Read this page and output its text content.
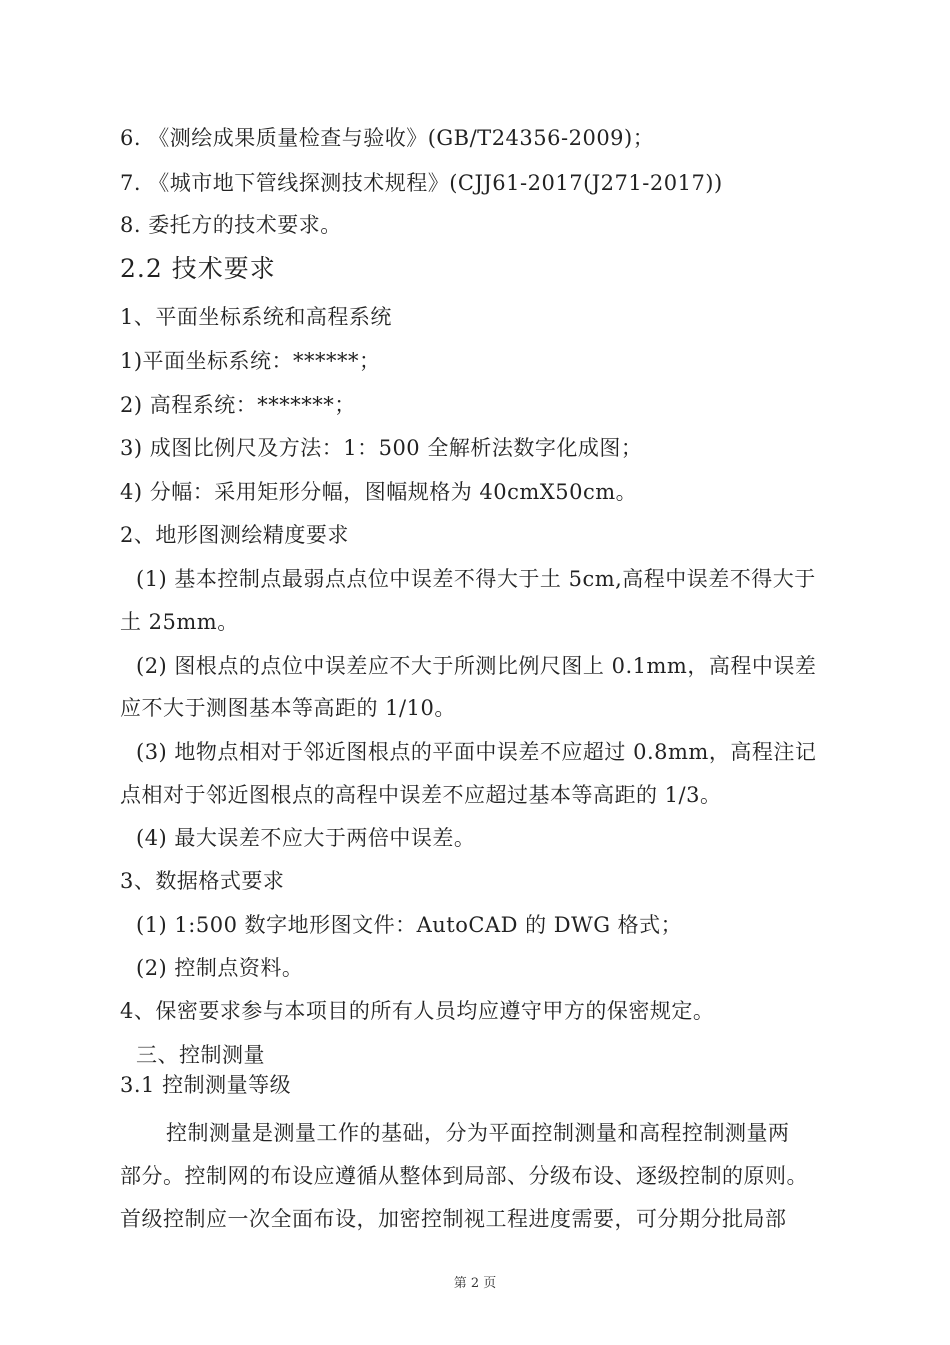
6. 《测绘成果质量检查与验收》(GB/T24356-2009)；
7. 《城市地下管线探测技术规程》(CJJ61-2017(J271-2017))
8. 委托方的技术要求。
2.2 技术要求
1、平面坐标系统和高程系统
1)平面坐标系统：******；
2) 高程系统：*******；
3) 成图比例尺及方法：1：500 全解析法数字化成图；
4) 分幅：采用矩形分幅，图幅规格为 40cmX50cm。
2、地形图测绘精度要求
(1) 基本控制点最弱点点位中误差不得大于土 5cm,高程中误差不得大于
土 25mm。
(2) 图根点的点位中误差应不大于所测比例尺图上 0.1mm，高程中误差
应不大于测图基本等高距的 1/10。
(3) 地物点相对于邻近图根点的平面中误差不应超过 0.8mm，高程注记
点相对于邻近图根点的高程中误差不应超过基本等高距的 1/3。
(4) 最大误差不应大于两倍中误差。
3、数据格式要求
(1) 1:500 数字地形图文件：AutoCAD 的 DWG 格式；
(2) 控制点资料。
4、保密要求参与本项目的所有人员均应遵守甲方的保密规定。
三、控制测量
3.1 控制测量等级
控制测量是测量工作的基础，分为平面控制测量和高程控制测量两
部分。控制网的布设应遵循从整体到局部、分级布设、逐级控制的原则。
首级控制应一次全面布设，加密控制视工程进度需要，可分期分批局部
第 2 页
